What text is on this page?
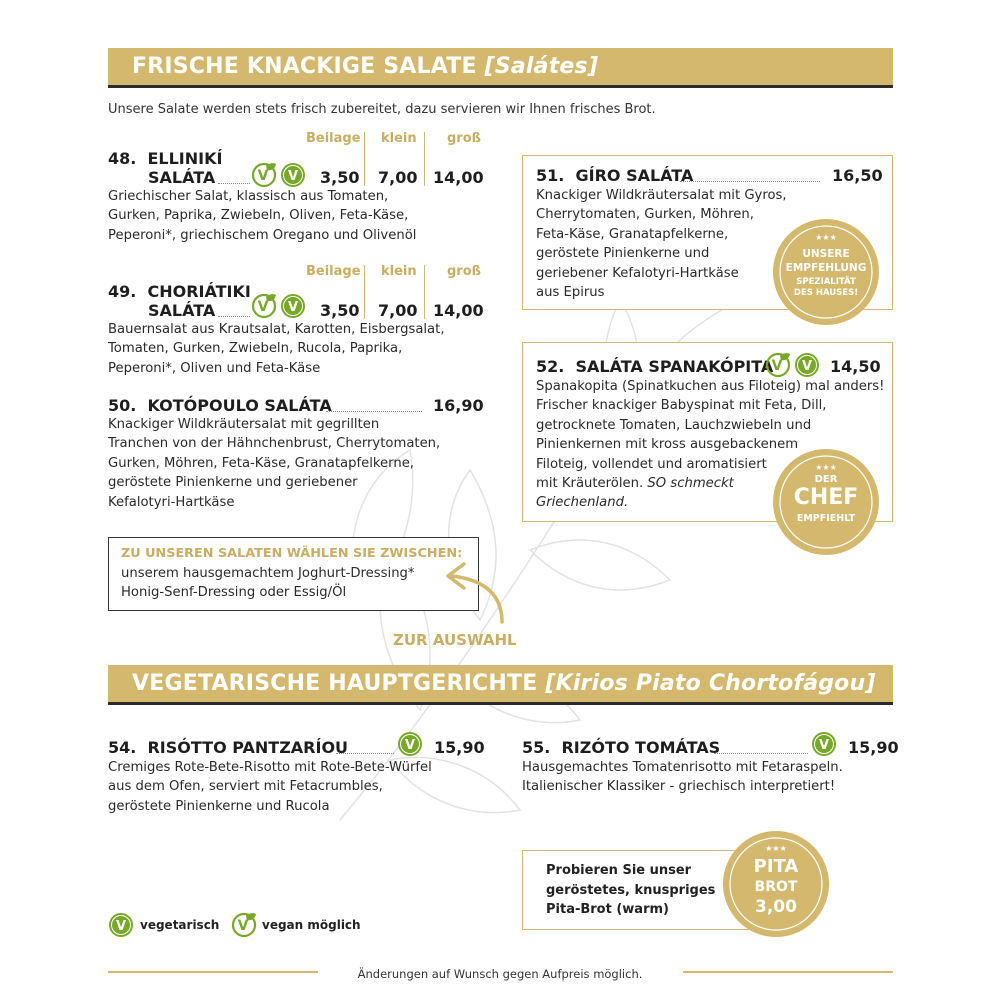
FRISCHE KNACKIGE SALATE [Salátes]
Unsere Salate werden stets frisch zubereitet, dazu servieren wir Ihnen frisches Brot.
Beilage klein groß
48. ELLINIKÍ
SALÁTA	3,50 7,00 14,00
Griechischer Salat, klassisch aus Tomaten,
Gurken, Paprika, Zwiebeln, Oliven, Feta-Käse,
Peperoni*, griechischem Oregano und Olivenöl
Beilage klein groß
49. CHORIÁTIKI
SALÁTA	3,50 7,00 14,00
Bauernsalat aus Krautsalat, Karotten, Eisbergsalat,
Tomaten, Gurken, Zwiebeln, Rucola, Paprika,
Peperoni*, Oliven und Feta-Käse
50. KOTÓPOULO SALÁTA	16,90
Knackiger Wildkräutersalat mit gegrillten
Tranchen von der Hähnchenbrust, Cherrytomaten,
Gurken, Möhren, Feta-Käse, Granatapfelkerne,
geröstete Pinienkerne und geriebener
Kefalotyri-Hartkäse
ZU UNSEREN SALATEN WÄHLEN SIE ZWISCHEN:
unserem hausgemachtem Joghurt-Dressing*
Honig-Senf-Dressing oder Essig/Öl
ZUR AUSWAHL
51. GÍRO SALÁTA	16,50
Knackiger Wildkräutersalat mit Gyros,
Cherrytomaten, Gurken, Möhren,
Feta-Käse, Granatapfelkerne,
geröstete Pinienkerne und
geriebener Kefalotyri-Hartkäse
aus Epirus
★★★
UNSERE
EMPFEHLUNG
SPEZIALITÄT
DES HAUSES!
52. SALÁTA SPANAKÓPITA	14,50
Spanakopita (Spinatkuchen aus Filoteig) mal anders!
Frischer knackiger Babyspinat mit Feta, Dill,
getrocknete Tomaten, Lauchzwiebeln und
Pinienkernen mit kross ausgebackenem
Filoteig, vollendet und aromatisiert
mit Kräuterölen. SO schmeckt
Griechenland.
★★★
DER
CHEF
EMPFIEHLT
VEGETARISCHE HAUPTGERICHTE [Kirios Piato Chortofágou]
54. RISÓTTO PANTZARÍOU	15,90
Cremiges Rote-Bete-Risotto mit Rote-Bete-Würfel
aus dem Ofen, serviert mit Fetacrumbles,
geröstete Pinienkerne und Rucola
55. RIZÓTO TOMÁTAS	15,90
Hausgemachtes Tomatenrisotto mit Fetaraspeln.
Italienischer Klassiker - griechisch interpretiert!
Probieren Sie unser
geröstetes, knuspriges
Pita-Brot (warm)
★★★
PITA
BROT
3,00
vegetarisch	vegan möglich
Änderungen auf Wunsch gegen Aufpreis möglich.
V V
V V
V V
V	V
V	V
